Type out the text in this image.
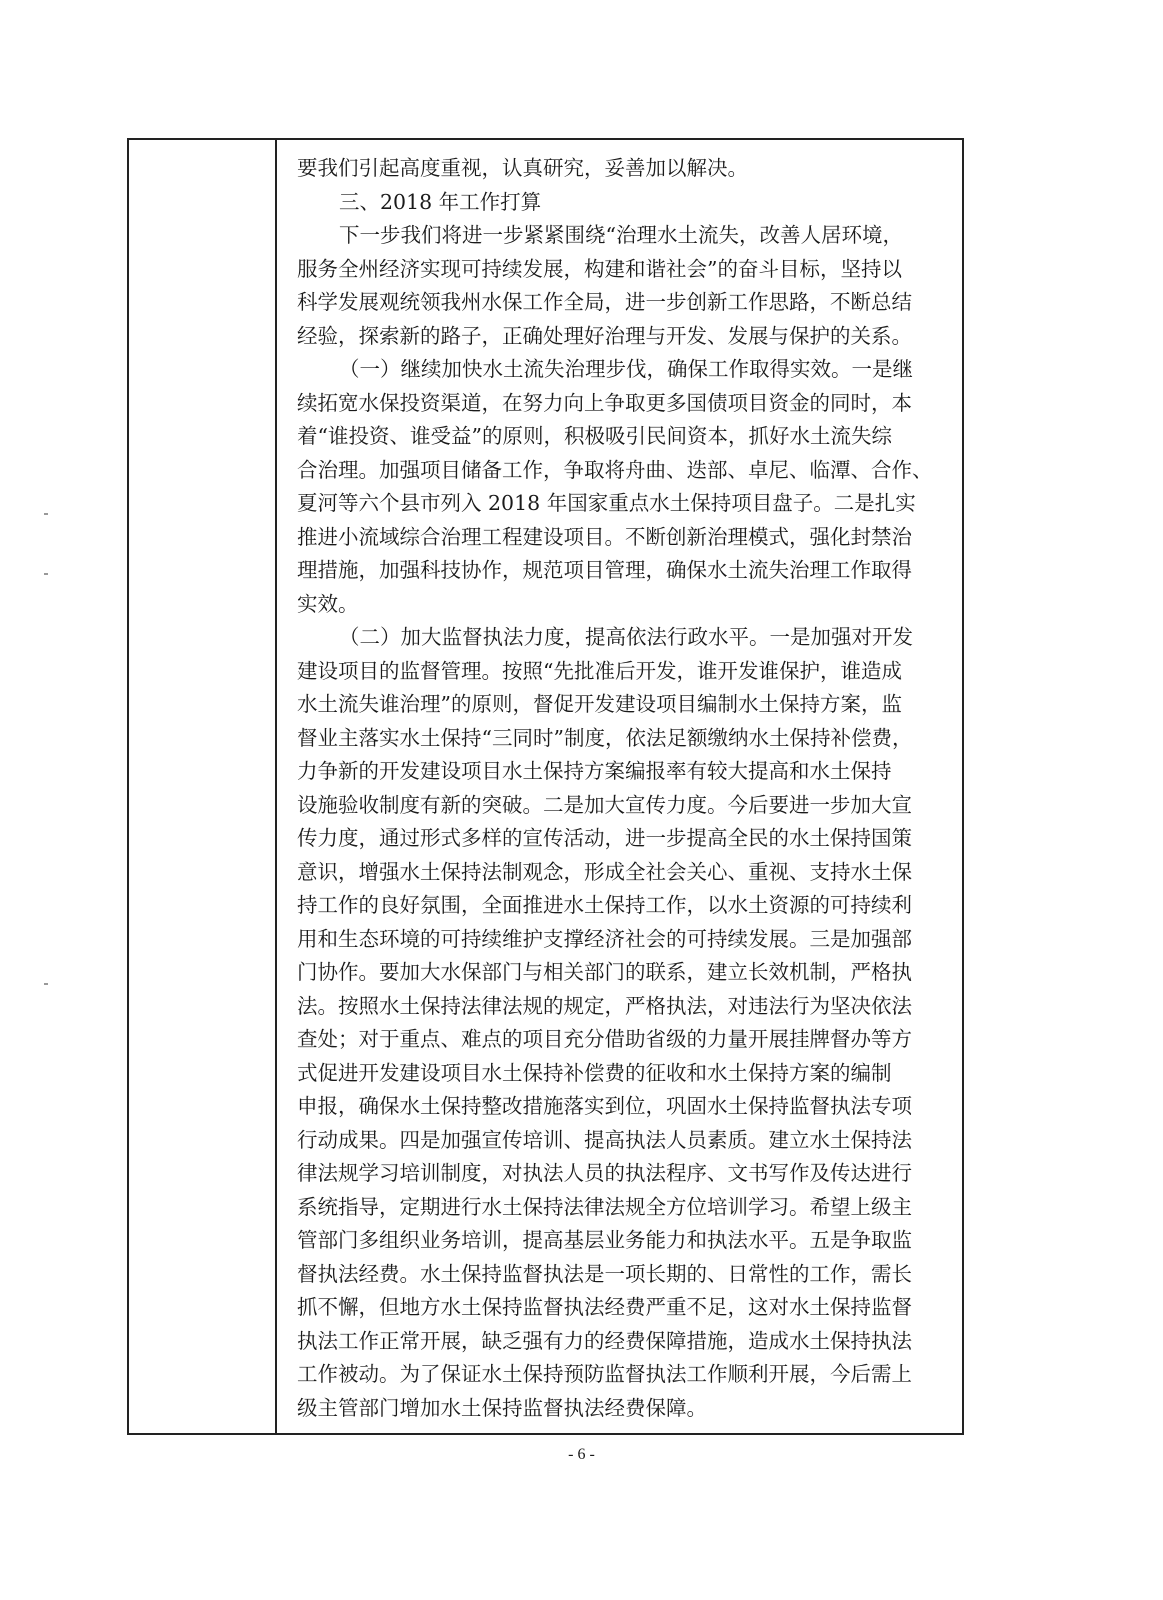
要我们引起高度重视，认真研究，妥善加以解决。
三、2018 年工作打算
下一步我们将进一步紧紧围绕“治理水土流失，改善人居环境，
服务全州经济实现可持续发展，构建和谐社会”的奋斗目标，坚持以
科学发展观统领我州水保工作全局，进一步创新工作思路，不断总结
经验，探索新的路子，正确处理好治理与开发、发展与保护的关系。
（一）继续加快水土流失治理步伐，确保工作取得实效。一是继
续拓宽水保投资渠道，在努力向上争取更多国债项目资金的同时，本
着“谁投资、谁受益”的原则，积极吸引民间资本，抓好水土流失综
合治理。加强项目储备工作，争取将舟曲、迭部、卓尼、临潭、合作、
夏河等六个县市列入 2018 年国家重点水土保持项目盘子。二是扎实
推进小流域综合治理工程建设项目。不断创新治理模式，强化封禁治
理措施，加强科技协作，规范项目管理，确保水土流失治理工作取得
实效。
（二）加大监督执法力度，提高依法行政水平。一是加强对开发
建设项目的监督管理。按照“先批准后开发，谁开发谁保护，谁造成
水土流失谁治理”的原则，督促开发建设项目编制水土保持方案，监
督业主落实水土保持“三同时”制度，依法足额缴纳水土保持补偿费，
力争新的开发建设项目水土保持方案编报率有较大提高和水土保持
设施验收制度有新的突破。二是加大宣传力度。今后要进一步加大宣
传力度，通过形式多样的宣传活动，进一步提高全民的水土保持国策
意识，增强水土保持法制观念，形成全社会关心、重视、支持水土保
持工作的良好氛围，全面推进水土保持工作，以水土资源的可持续利
用和生态环境的可持续维护支撑经济社会的可持续发展。三是加强部
门协作。要加大水保部门与相关部门的联系，建立长效机制，严格执
法。按照水土保持法律法规的规定，严格执法，对违法行为坚决依法
查处；对于重点、难点的项目充分借助省级的力量开展挂牌督办等方
式促进开发建设项目水土保持补偿费的征收和水土保持方案的编制
申报，确保水土保持整改措施落实到位，巩固水土保持监督执法专项
行动成果。四是加强宣传培训、提高执法人员素质。建立水土保持法
律法规学习培训制度，对执法人员的执法程序、文书写作及传达进行
系统指导，定期进行水土保持法律法规全方位培训学习。希望上级主
管部门多组织业务培训，提高基层业务能力和执法水平。五是争取监
督执法经费。水土保持监督执法是一项长期的、日常性的工作，需长
抓不懈，但地方水土保持监督执法经费严重不足，这对水土保持监督
执法工作正常开展，缺乏强有力的经费保障措施，造成水土保持执法
工作被动。为了保证水土保持预防监督执法工作顺利开展，今后需上
级主管部门增加水土保持监督执法经费保障。
- 6 -
